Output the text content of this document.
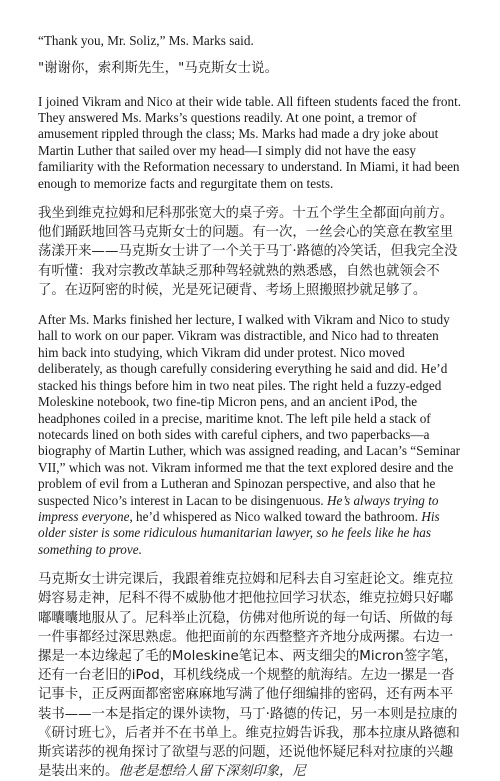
“Thank you, Mr. Soliz,” Ms. Marks said.

"谢谢你，索利斯先生，"马克斯女士说。

I joined Vikram and Nico at their wide table. All fifteen students faced the front. They answered Ms. Marks’s questions readily. At one point, a tremor of amusement rippled through the class; Ms. Marks had made a dry joke about Martin Luther that sailed over my head—I simply did not have the easy familiarity with the Reformation necessary to understand. In Miami, it had been enough to memorize facts and regurgitate them on tests.

我坐到维克拉姆和尼科那张宽大的桌子旁。十五个学生全都面向前方。他们踊跃地回答马克斯女士的问题。有一次，一丝会心的笑意在教室里荡漾开来——马克斯女士讲了一个关于马丁·路德的冷笑话，但我完全没有听懂：我对宗教改革缺乏那种驾轻就熟的熟悉感，自然也就领会不了。在迈阿密的时候，光是死记硬背、考场上照搬照抄就足够了。

After Ms. Marks finished her lecture, I walked with Vikram and Nico to study hall to work on our paper. Vikram was distractible, and Nico had to threaten him back into studying, which Vikram did under protest. Nico moved deliberately, as though carefully considering everything he said and did. He’d stacked his things before him in two neat piles. The right held a fuzzy-edged Moleskine notebook, two fine-tip Micron pens, and an ancient iPod, the headphones coiled in a precise, maritime knot. The left pile held a stack of notecards lined on both sides with careful ciphers, and two paperbacks—a biography of Martin Luther, which was assigned reading, and Lacan’s “Seminar VII,” which was not. Vikram informed me that the text explored desire and the problem of evil from a Lutheran and Spinozan perspective, and also that he suspected Nico’s interest in Lacan to be disingenuous. He’s always trying to impress everyone, he’d whispered as Nico walked toward the bathroom. His older sister is some ridiculous humanitarian lawyer, so he feels like he has something to prove.

马克斯女士讲完课后，我跟着维克拉姆和尼科去自习室赶论文。维克拉姆容易走神，尼科不得不威胁他才把他拉回学习状态，维克拉姆只好嘟嘟囔囔地服从了。尼科举止沉稳，仿佛对他所说的每一句话、所做的每一件事都经过深思熟虑。他把面前的东西整整齐齐地分成两摞。右边一摞是一本边缘起了毛的Moleskine笔记本、两支细尖的Micron签字笔，还有一台老旧的iPod，耳机线绕成一个规整的航海结。左边一摞是一沓记事卡，正反两面都密密麻麻地写满了他仔细编排的密码，还有两本平装书——一本是指定的课外读物，马丁·路德的传记，另一本则是拉康的《研讨班七》，后者并不在书单上。维克拉姆告诉我，那本拉康从路德和斯宾诺莎的视角探讨了欲望与恶的问题，还说他怀疑尼科对拉康的兴趣是装出来的。他老是想给人留下深刻印象，尼
